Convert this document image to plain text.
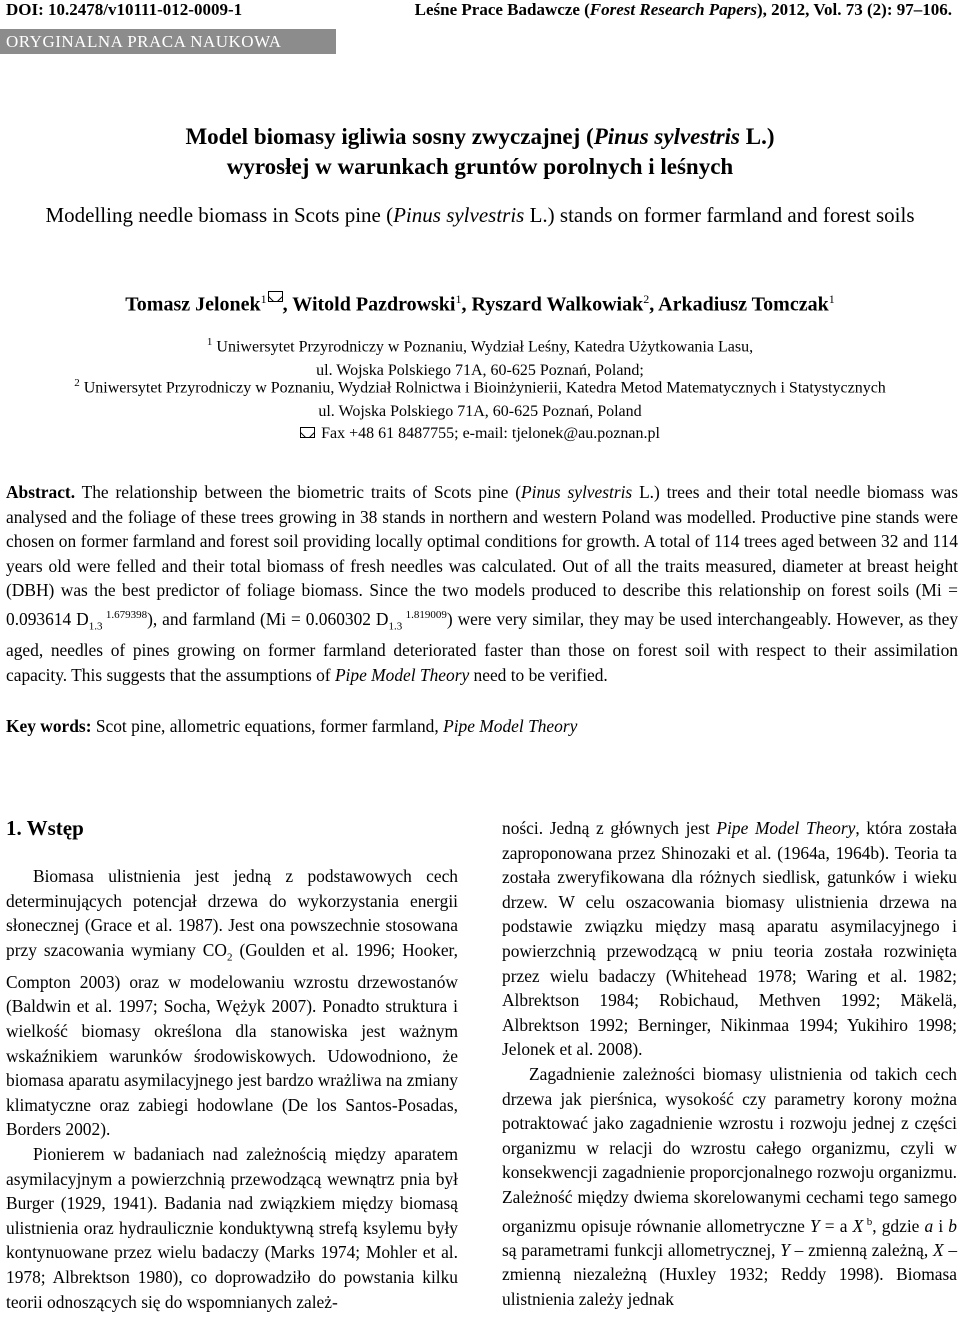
DOI: 10.2478/v10111-012-0009-1	Leśne Prace Badawcze (Forest Research Papers), 2012, Vol. 73 (2): 97–106.
ORYGINALNA PRACA NAUKOWA
Model biomasy igliwia sosny zwyczajnej (Pinus sylvestris L.)
wyrosłej w warunkach gruntów porolnych i leśnych
Modelling needle biomass in Scots pine (Pinus sylvestris L.) stands on former farmland and forest soils
Tomasz Jelonek$^1$ , Witold Pazdrowski$^1$, Ryszard Walkowiak$^2$, Arkadiusz Tomczak$^1$
$^1$ Uniwersytet Przyrodniczy w Poznaniu, Wydział Leśny, Katedra Użytkowania Lasu,
ul. Wojska Polskiego 71A, 60-625 Poznań, Poland;
$^2$ Uniwersytet Przyrodniczy w Poznaniu, Wydział Rolnictwa i Bioinżynierii, Katedra Metod Matematycznych i Statystycznych
ul. Wojska Polskiego 71A, 60-625 Poznań, Poland
Fax +48 61 8487755; e-mail: tjelonek@au.poznan.pl
Abstract. The relationship between the biometric traits of Scots pine (Pinus sylvestris L.) trees and their total needle biomass was analysed and the foliage of these trees growing in 38 stands in northern and western Poland was modelled. Productive pine stands were chosen on former farmland and forest soil providing locally optimal conditions for growth. A total of 114 trees aged between 32 and 114 years old were felled and their total biomass of fresh needles was calculated. Out of all the traits measured, diameter at breast height (DBH) was the best predictor of foliage biomass. Since the two models produced to describe this relationship on forest soils (Mi = 0.093614 $D_{1.3}$ $^{1.679398}$), and farmland (Mi = 0.060302 $D_{1.3}$ $^{1.819009}$) were very similar, they may be used interchangeably. However, as they aged, needles of pines growing on former farmland deteriorated faster than those on forest soil with respect to their assimilation capacity. This suggests that the assumptions of Pipe Model Theory need to be verified.
Key words: Scot pine, allometric equations, former farmland, Pipe Model Theory
1. Wstęp

Biomasa ulistnienia jest jedną z podstawowych cech determinujących potencjał drzewa do wykorzystania energii słonecznej (Grace et al. 1987). Jest ona powszechnie stosowana przy szacowania wymiany $CO_2$ (Goulden et al. 1996; Hooker, Compton 2003) oraz w modelowaniu wzrostu drzewostanów (Baldwin et al. 1997; Socha, Wężyk 2007). Ponadto struktura i wielkość biomasy określona dla stanowiska jest ważnym wskaźnikiem warunków środowiskowych. Udowodniono, że biomasa aparatu asymilacyjnego jest bardzo wrażliwa na zmiany klimatyczne oraz zabiegi hodowlane (De los Santos-Posadas, Borders 2002).

Pionierem w badaniach nad zależnością między aparatem asymilacyjnym a powierzchnią przewodzącą wewnątrz pnia był Burger (1929, 1941). Badania nad związkiem między biomasą ulistnienia oraz hydraulicznie konduktywną strefą ksylemu były kontynuowane przez wielu badaczy (Marks 1974; Mohler et al. 1978; Albrektson 1980), co doprowadziło do powstania kilku teorii odnoszących się do wspomnianych zależ-

ności. Jedną z głównych jest Pipe Model Theory, która została zaproponowana przez Shinozaki et al. (1964a, 1964b). Teoria ta została zweryfikowana dla różnych siedlisk, gatunków i wieku drzew. W celu oszacowania biomasy ulistnienia drzewa na podstawie związku między masą aparatu asymilacyjnego i powierzchnią przewodzącą w pniu teoria została rozwinięta przez wielu badaczy (Whitehead 1978; Waring et al. 1982; Albrektson 1984; Robichaud, Methven 1992; Mäkelä, Albrektson 1992; Berninger, Nikinmaa 1994; Yukihiro 1998; Jelonek et al. 2008).

Zagadnienie zależności biomasy ulistnienia od takich cech drzewa jak pierśnica, wysokość czy parametry korony można potraktować jako zagadnienie wzrostu i rozwoju jednej z części organizmu w relacji do wzrostu całego organizmu, czyli w konsekwencji zagadnienie proporcjonalnego rozwoju organizmu. Zależność między dwiema skorelowanymi cechami tego samego organizmu opisuje równanie allometryczne Y = a X $^b$, gdzie a i b są parametrami funkcji allometrycznej, Y – zmienną zależną, X – zmienną niezależną (Huxley 1932; Reddy 1998). Biomasa ulistnienia zależy jednak
